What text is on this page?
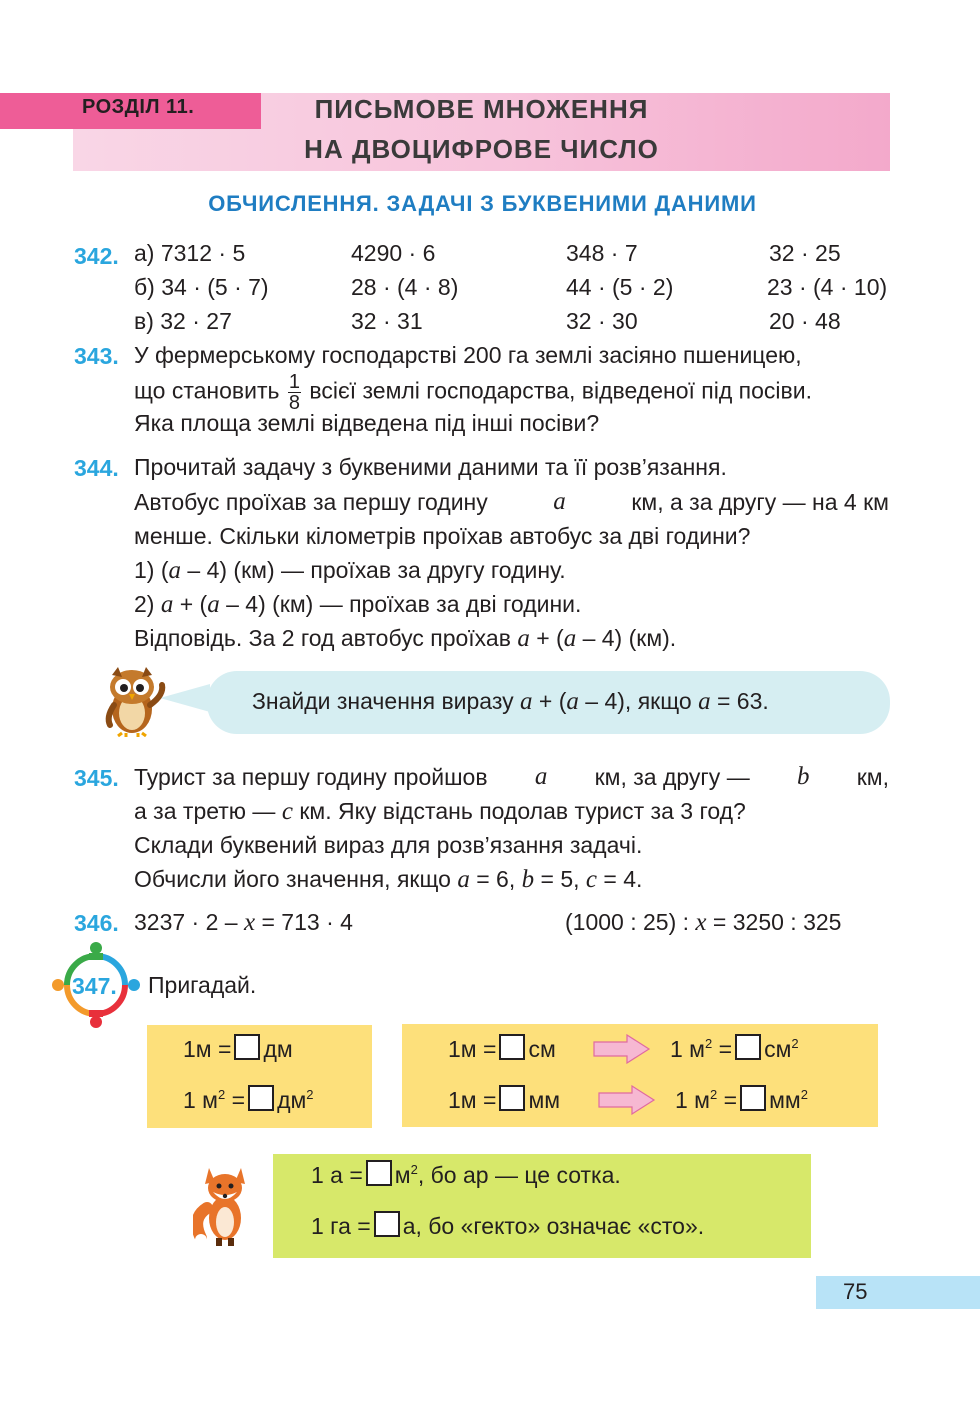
РОЗДІЛ 11.	ПИСЬМОВЕ МНОЖЕННЯ
НА ДВОЦИФРОВЕ ЧИСЛО
ОБЧИСЛЕННЯ. ЗАДАЧІ З БУКВЕНИМИ ДАНИМИ
342. а) 7312 · 5	4290 · 6	348 · 7	32 · 25
б) 34 · (5 · 7)	28 · (4 · 8)	44 · (5 · 2)	23 · (4 · 10)
в) 32 · 27	32 · 31	32 · 30	20 · 48
343. У фермерському господарстві 200 га землі засіяно пшеницею,
що становить $\frac{1}{8}$ всієї землі господарства, відведеної під посіви.
Яка площа землі відведена під інші посіви?
344. Прочитай задачу з буквеними даними та її розв’язання.
Автобус проїхав за першу годину	a	км, а за другу — на 4 км
менше. Скільки кілометрів проїхав автобус за дві години?
1) (a – 4) (км) — проїхав за другу годину.
2) a + (a – 4) (км) — проїхав за дві години.
Відповідь. За 2 год автобус проїхав a + (a – 4) (км).
Знайди значення виразу a + (a – 4), якщо a = 63.
345. Турист за першу годину пройшов a км, за другу — b км,
а за третю — c км. Яку відстань подолав турист за 3 год?
Склади буквений вираз для розв’язання задачі.
Обчисли його значення, якщо a = 6, b = 5, c = 4.
346. 3237 · 2 – x = 713 · 4	(1000 : 25) : x = 3250 : 325
347. Пригадай.
1м = дм
1 $м^2 = дм^2$
1м = см	1 $м^2 = см^2$
1м = мм	1 $м^2 = мм^2$
1 $а = м^2$, бо ар — це сотка.
1 га = а, бо «гекто» означає «сто».
75
